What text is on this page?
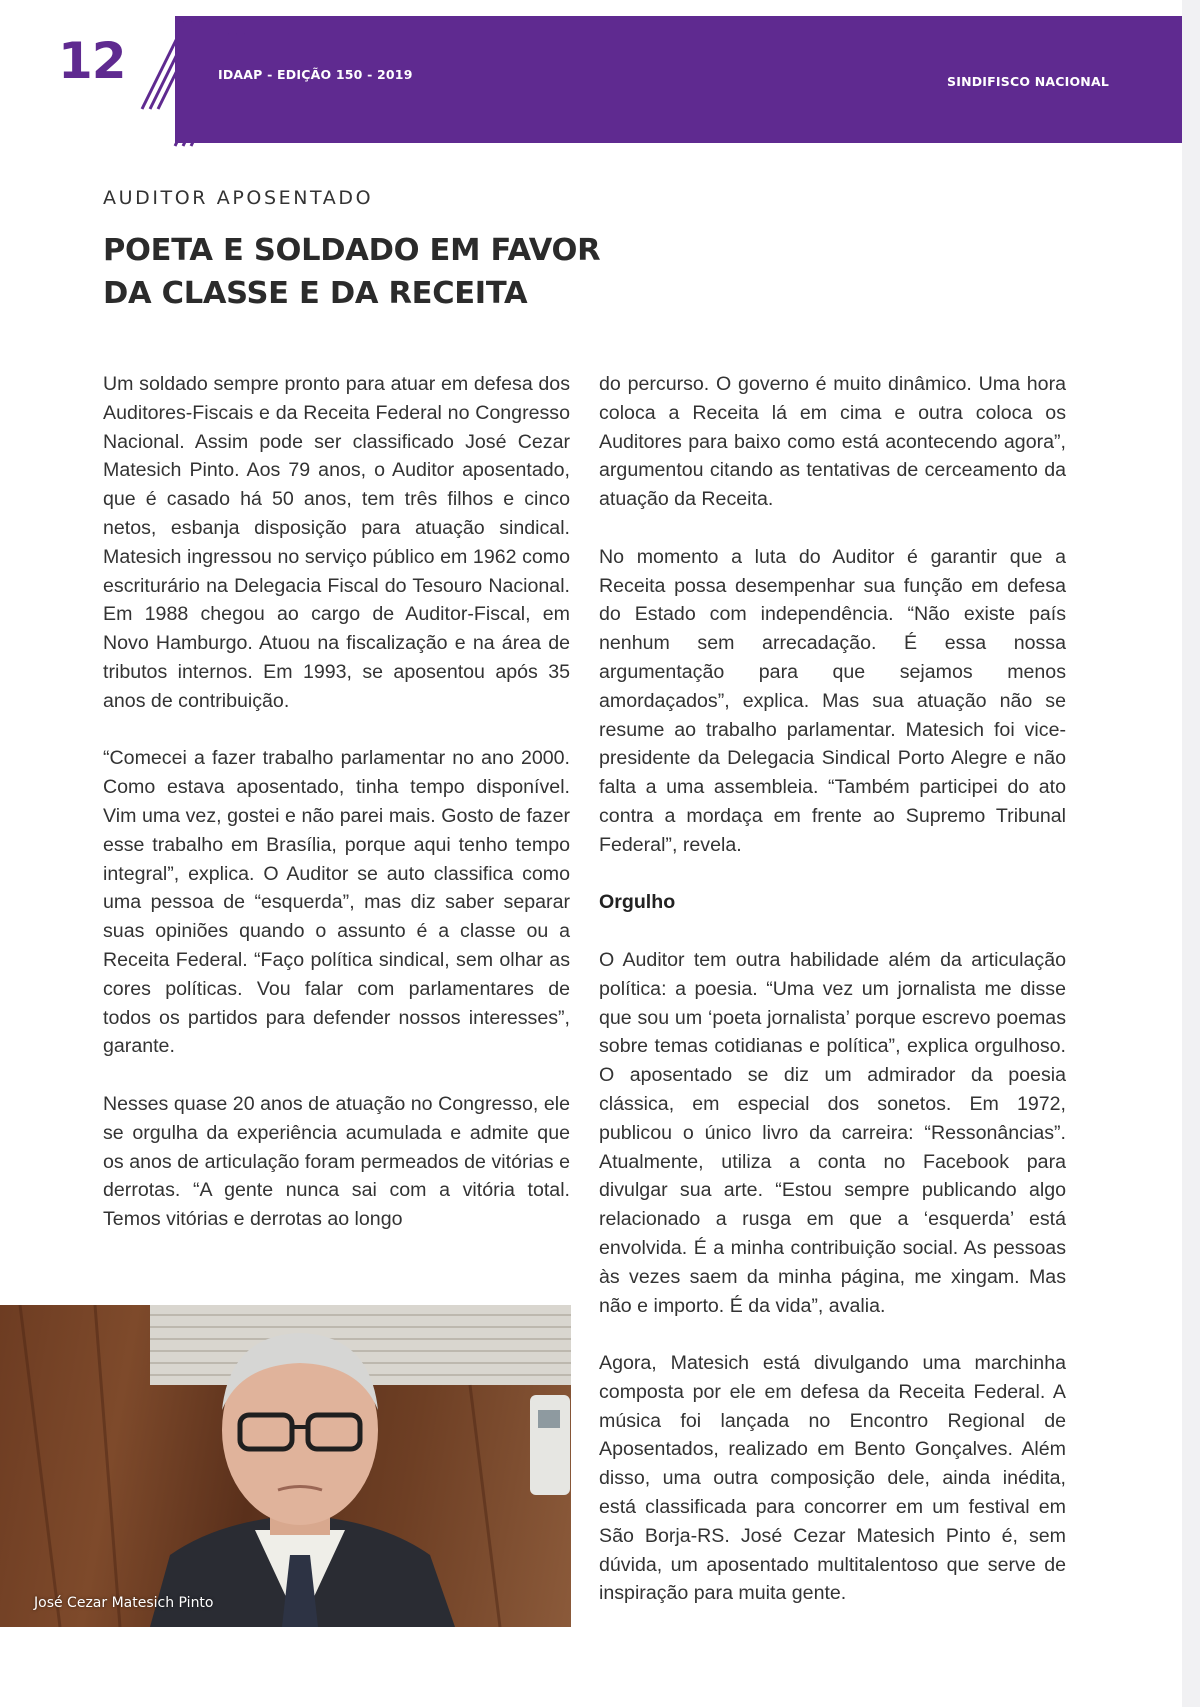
12	IDAAP - EDIÇÃO 150 - 2019	SINDIFISCO NACIONAL
AUDITOR APOSENTADO
POETA E SOLDADO EM FAVOR
DA CLASSE E DA RECEITA

Um soldado sempre pronto para atuar em defesa dos Auditores-Fiscais e da Receita Federal no Congresso Nacional. Assim pode ser classificado José Cezar Matesich Pinto. Aos 79 anos, o Auditor aposentado, que é casado há 50 anos, tem três filhos e cinco netos, esbanja disposição para atuação sindical. Matesich ingressou no serviço público em 1962 como escriturário na Delegacia Fiscal do Tesouro Nacional. Em 1988 chegou ao cargo de Auditor-Fiscal, em Novo Hamburgo. Atuou na fiscalização e na área de tributos internos. Em 1993, se aposentou após 35 anos de contribuição.

“Comecei a fazer trabalho parlamentar no ano 2000. Como estava aposentado, tinha tempo disponível. Vim uma vez, gostei e não parei mais. Gosto de fazer esse trabalho em Brasília, porque aqui tenho tempo integral”, explica. O Auditor se auto classifica como uma pessoa de “esquerda”, mas diz saber separar suas opiniões quando o assunto é a classe ou a Receita Federal. “Faço política sindical, sem olhar as cores políticas. Vou falar com parlamentares de todos os partidos para defender nossos interesses”, garante.

Nesses quase 20 anos de atuação no Congresso, ele se orgulha da experiência acumulada e admite que os anos de articulação foram permeados de vitórias e derrotas. “A gente nunca sai com a vitória total. Temos vitórias e derrotas ao longo

do percurso. O governo é muito dinâmico. Uma hora coloca a Receita lá em cima e outra coloca os Auditores para baixo como está acontecendo agora”, argumentou citando as tentativas de cerceamento da atuação da Receita.

No momento a luta do Auditor é garantir que a Receita possa desempenhar sua função em defesa do Estado com independência. “Não existe país nenhum sem arrecadação. É essa nossa argumentação para que sejamos menos amordaçados”, explica. Mas sua atuação não se resume ao trabalho parlamentar. Matesich foi vice-presidente da Delegacia Sindical Porto Alegre e não falta a uma assembleia. “Também participei do ato contra a mordaça em frente ao Supremo Tribunal Federal”, revela.

Orgulho

O Auditor tem outra habilidade além da articulação política: a poesia. “Uma vez um jornalista me disse que sou um ‘poeta jornalista’ porque escrevo poemas sobre temas cotidianas e política”, explica orgulhoso. O aposentado se diz um admirador da poesia clássica, em especial dos sonetos. Em 1972, publicou o único livro da carreira: “Ressonâncias”. Atualmente, utiliza a conta no Facebook para divulgar sua arte. “Estou sempre publicando algo relacionado a rusga em que a ‘esquerda’ está envolvida. É a minha contribuição social. As pessoas às vezes saem da minha página, me xingam. Mas não e importo. É da vida”, avalia.

Agora, Matesich está divulgando uma marchinha composta por ele em defesa da Receita Federal. A música foi lançada no Encontro Regional de Aposentados, realizado em Bento Gonçalves. Além disso, uma outra composição dele, ainda inédita, está classificada para concorrer em um festival em São Borja-RS. José Cezar Matesich Pinto é, sem dúvida, um aposentado multitalentoso que serve de inspiração para muita gente.

José Cezar Matesich Pinto
